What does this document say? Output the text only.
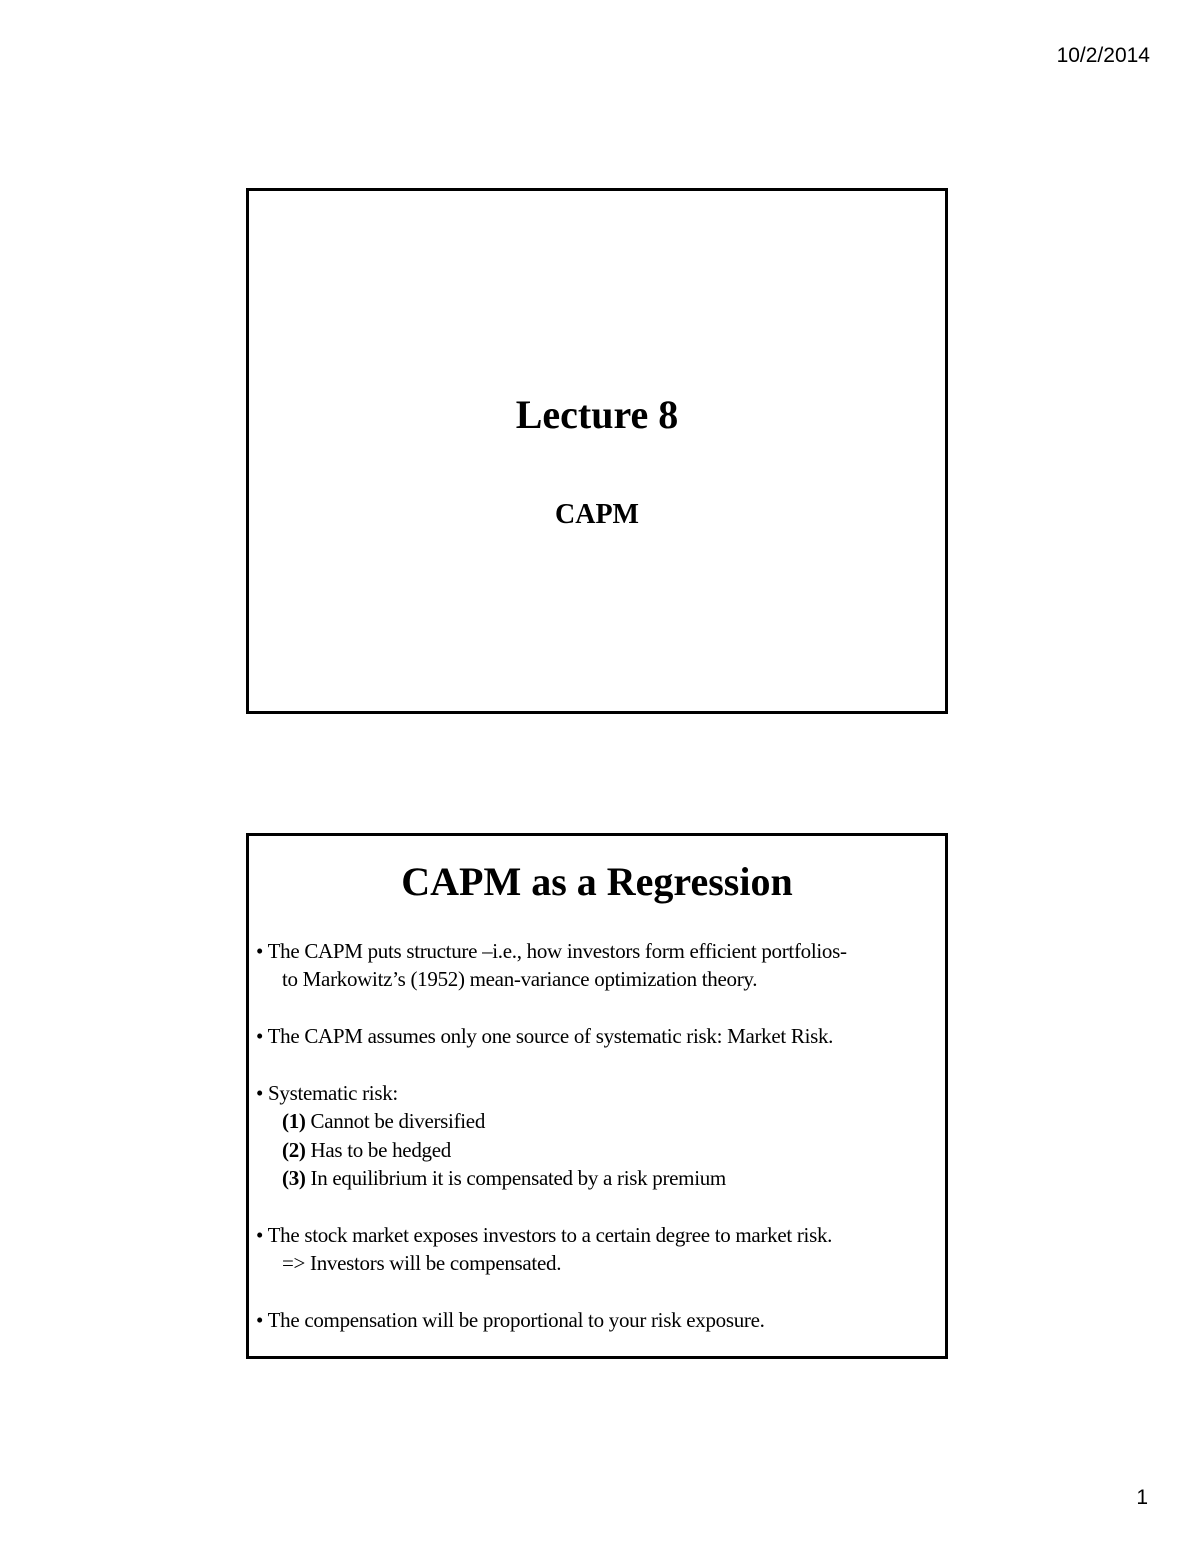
10/2/2014
Lecture 8
CAPM
CAPM as a Regression
• The CAPM puts structure –i.e., how investors form efficient portfolios-
to Markowitz’s (1952) mean-variance optimization theory.
• The CAPM assumes only one source of systematic risk: Market Risk.
• Systematic risk:
(1) Cannot be diversified
(2) Has to be hedged
(3) In equilibrium it is compensated by a risk premium
• The stock market exposes investors to a certain degree to market risk.
=> Investors will be compensated.
• The compensation will be proportional to your risk exposure.
1
